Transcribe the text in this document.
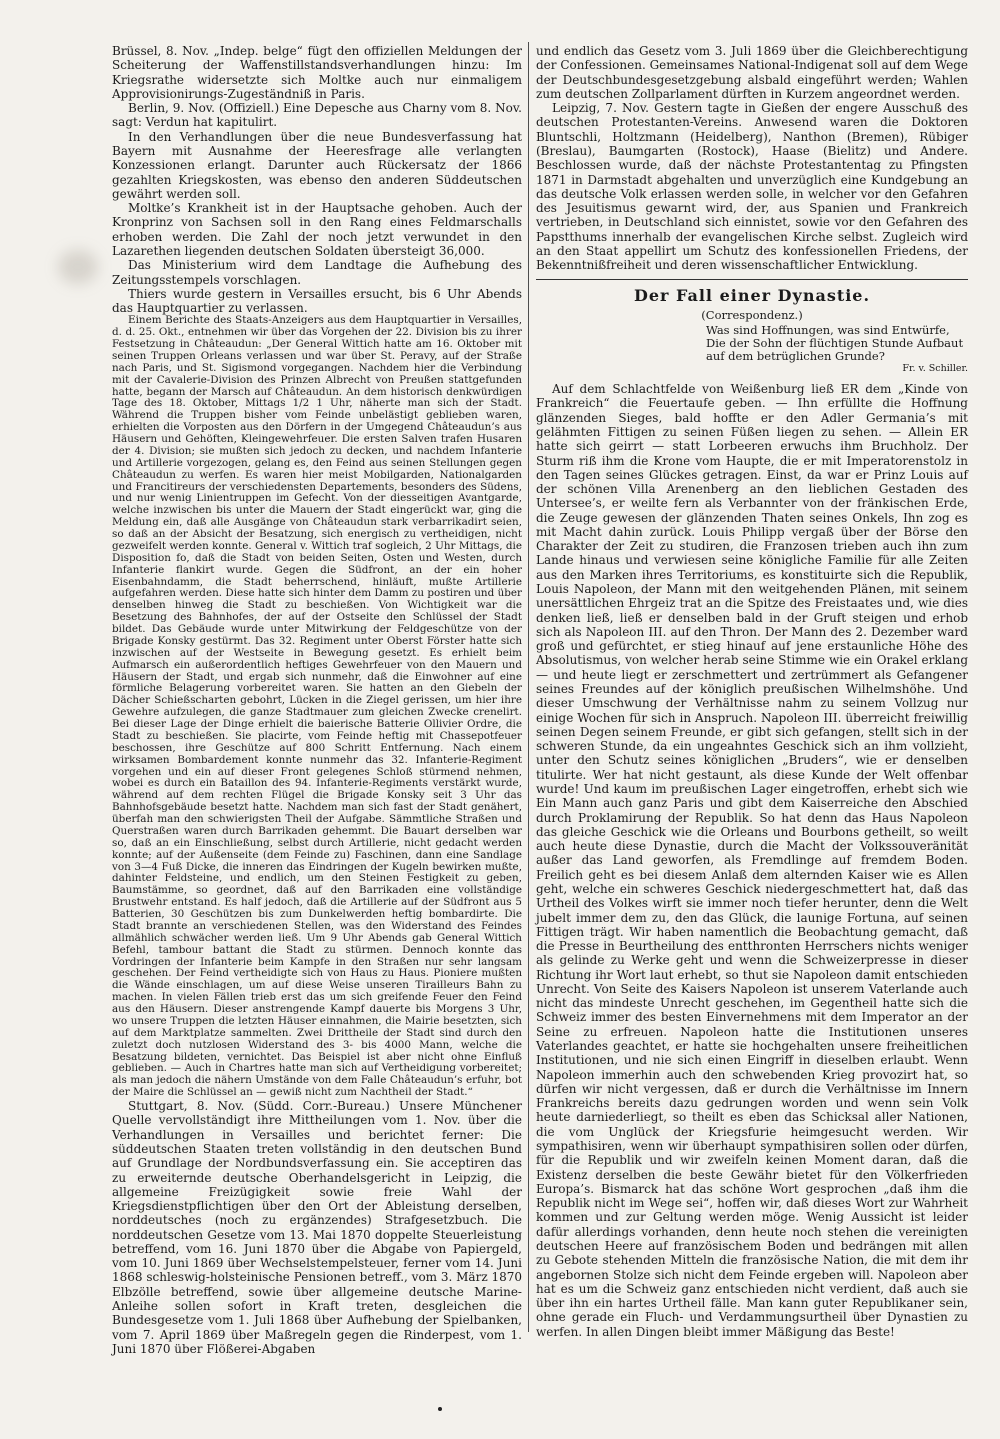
Brüssel, 8. Nov. „Indep. belge“ fügt den offiziellen Meldungen der Scheiterung der Waffenstillstandsverhandlungen hinzu: Im Kriegsrathe widersetzte sich Moltke auch nur einmaligem Approvisionirungs-Zugeständniß in Paris.

Berlin, 9. Nov. (Offiziell.) Eine Depesche aus Charny vom 8. Nov. sagt: Verdun hat kapitulirt.

In den Verhandlungen über die neue Bundesverfassung hat Bayern mit Ausnahme der Heeresfrage alle verlangten Konzessionen erlangt. Darunter auch Rückersatz der 1866 gezahlten Kriegskosten, was ebenso den anderen Süddeutschen gewährt werden soll.

Moltke’s Krankheit ist in der Hauptsache gehoben. Auch der Kronprinz von Sachsen soll in den Rang eines Feldmarschalls erhoben werden. Die Zahl der noch jetzt verwundet in den Lazarethen liegenden deutschen Soldaten übersteigt 36,000.

Das Ministerium wird dem Landtage die Aufhebung des Zeitungsstempels vorschlagen.

Thiers wurde gestern in Versailles ersucht, bis 6 Uhr Abends das Hauptquartier zu verlassen.

Einem Berichte des Staats-Anzeigers aus dem Hauptquartier in Versailles, d. d. 25. Okt., entnehmen wir über das Vorgehen der 22. Division bis zu ihrer Festsetzung in Châteaudun: „Der General Wittich hatte am 16. Oktober mit seinen Truppen Orleans verlassen und war über St. Peravy, auf der Straße nach Paris, und St. Sigismond vorgegangen. Nachdem hier die Verbindung mit der Cavalerie-Division des Prinzen Albrecht von Preußen stattgefunden hatte, begann der Marsch auf Châteaudun. An dem historisch denkwürdigen Tage des 18. Oktober, Mittags 1/2 1 Uhr, näherte man sich der Stadt. Während die Truppen bisher vom Feinde unbelästigt geblieben waren, erhielten die Vorposten aus den Dörfern in der Umgegend Châteaudun’s aus Häusern und Gehöften, Kleingewehrfeuer. Die ersten Salven trafen Husaren der 4. Division; sie mußten sich jedoch zu decken, und nachdem Infanterie und Artillerie vorgezogen, gelang es, den Feind aus seinen Stellungen gegen Châteaudun zu werfen. Es waren hier meist Mobilgarden, Nationalgarden und Francitireurs der verschiedensten Departements, besonders des Südens, und nur wenig Linientruppen im Gefecht. Von der diesseitigen Avantgarde, welche inzwischen bis unter die Mauern der Stadt eingerückt war, ging die Meldung ein, daß alle Ausgänge von Châteaudun stark verbarrikadirt seien, so daß an der Absicht der Besatzung, sich energisch zu vertheidigen, nicht gezweifelt werden konnte. General v. Wittich traf sogleich, 2 Uhr Mittags, die Disposition fo, daß die Stadt von beiden Seiten, Osten und Westen, durch Infanterie flankirt wurde. Gegen die Südfront, an der ein hoher Eisenbahndamm, die Stadt beherrschend, hinläuft, mußte Artillerie aufgefahren werden. Diese hatte sich hinter dem Damm zu postiren und über denselben hinweg die Stadt zu beschießen. Von Wichtigkeit war die Besetzung des Bahnhofes, der auf der Ostseite den Schlüssel der Stadt bildet. Das Gebäude wurde unter Mitwirkung der Feldgeschütze von der Brigade Konsky gestürmt. Das 32. Regiment unter Oberst Förster hatte sich inzwischen auf der Westseite in Bewegung gesetzt. Es erhielt beim Aufmarsch ein außerordentlich heftiges Gewehrfeuer von den Mauern und Häusern der Stadt, und ergab sich nunmehr, daß die Einwohner auf eine förmliche Belagerung vorbereitet waren. Sie hatten an den Giebeln der Dächer Schießscharten gebohrt, Lücken in die Ziegel gerissen, um hier ihre Gewehre aufzulegen, die ganze Stadtmauer zum gleichen Zwecke crenelirt. Bei dieser Lage der Dinge erhielt die baierische Batterie Ollivier Ordre, die Stadt zu beschießen. Sie placirte, vom Feinde heftig mit Chassepotfeuer beschossen, ihre Geschütze auf 800 Schritt Entfernung. Nach einem wirksamen Bombardement konnte nunmehr das 32. Infanterie-Regiment vorgehen und ein auf dieser Front gelegenes Schloß stürmend nehmen, wobei es durch ein Bataillon des 94. Infanterie-Regiments verstärkt wurde, während auf dem rechten Flügel die Brigade Konsky seit 3 Uhr das Bahnhofsgebäude besetzt hatte. Nachdem man sich fast der Stadt genähert, überfah man den schwierigsten Theil der Aufgabe. Sämmtliche Straßen und Querstraßen waren durch Barrikaden gehemmt. Die Bauart derselben war so, daß an ein Einschließung, selbst durch Artillerie, nicht gedacht werden konnte; auf der Außenseite (dem Feinde zu) Faschinen, dann eine Sandlage von 3—4 Fuß Dicke, die inneren das Eindringen der Kugeln bewirken mußte, dahinter Feldsteine, und endlich, um den Steinen Festigkeit zu geben, Baumstämme, so geordnet, daß auf den Barrikaden eine vollständige Brustwehr entstand. Es half jedoch, daß die Artillerie auf der Südfront aus 5 Batterien, 30 Geschützen bis zum Dunkelwerden heftig bombardirte. Die Stadt brannte an verschiedenen Stellen, was den Widerstand des Feindes allmählich schwächer werden ließ. Um 9 Uhr Abends gab General Wittich Befehl, tambour battant die Stadt zu stürmen. Dennoch konnte das Vordringen der Infanterie beim Kampfe in den Straßen nur sehr langsam geschehen. Der Feind vertheidigte sich von Haus zu Haus. Pioniere mußten die Wände einschlagen, um auf diese Weise unseren Tirailleurs Bahn zu machen. In vielen Fällen trieb erst das um sich greifende Feuer den Feind aus den Häusern. Dieser anstrengende Kampf dauerte bis Morgens 3 Uhr, wo unsere Truppen die letzten Häuser einnahmen, die Mairie besetzten, sich auf dem Marktplatze sammelten. Zwei Drittheile der Stadt sind durch den zuletzt doch nutzlosen Widerstand des 3- bis 4000 Mann, welche die Besatzung bildeten, vernichtet. Das Beispiel ist aber nicht ohne Einfluß geblieben. — Auch in Chartres hatte man sich auf Vertheidigung vorbereitet; als man jedoch die nähern Umstände von dem Falle Châteaudun’s erfuhr, bot der Maire die Schlüssel an — gewiß nicht zum Nachtheil der Stadt.“

Stuttgart, 8. Nov. (Südd. Corr.-Bureau.) Unsere Münchener Quelle vervollständigt ihre Mittheilungen vom 1. Nov. über die Verhandlungen in Versailles und berichtet ferner: Die süddeutschen Staaten treten vollständig in den deutschen Bund auf Grundlage der Nordbundsverfassung ein. Sie acceptiren das zu erweiternde deutsche Oberhandelsgericht in Leipzig, die allgemeine Freizügigkeit sowie freie Wahl der Kriegsdienstpflichtigen über den Ort der Ableistung derselben, norddeutsches (noch zu ergänzendes) Strafgesetzbuch. Die norddeutschen Gesetze vom 13. Mai 1870 doppelte Steuerleistung betreffend, vom 16. Juni 1870 über die Abgabe von Papiergeld, vom 10. Juni 1869 über Wechselstempelsteuer, ferner vom 14. Juni 1868 schleswig-holsteinische Pensionen betreff., vom 3. März 1870 Elbzölle betreffend, sowie über allgemeine deutsche Marine-Anleihe sollen sofort in Kraft treten, desgleichen die Bundesgesetze vom 1. Juli 1868 über Aufhebung der Spielbanken, vom 7. April 1869 über Maßregeln gegen die Rinderpest, vom 1. Juni 1870 über Flößerei-Abgaben

und endlich das Gesetz vom 3. Juli 1869 über die Gleichberechtigung der Confessionen. Gemeinsames National-Indigenat soll auf dem Wege der Deutschbundesgesetzgebung alsbald eingeführt werden; Wahlen zum deutschen Zollparlament dürften in Kurzem angeordnet werden.

Leipzig, 7. Nov. Gestern tagte in Gießen der engere Ausschuß des deutschen Protestanten-Vereins. Anwesend waren die Doktoren Bluntschli, Holtzmann (Heidelberg), Nanthon (Bremen), Rübiger (Breslau), Baumgarten (Rostock), Haase (Bielitz) und Andere. Beschlossen wurde, daß der nächste Protestantentag zu Pfingsten 1871 in Darmstadt abgehalten und unverzüglich eine Kundgebung an das deutsche Volk erlassen werden solle, in welcher vor den Gefahren des Jesuitismus gewarnt wird, der, aus Spanien und Frankreich vertrieben, in Deutschland sich einnistet, sowie vor den Gefahren des Papstthums innerhalb der evangelischen Kirche selbst. Zugleich wird an den Staat appellirt um Schutz des konfessionellen Friedens, der Bekenntnißfreiheit und deren wissenschaftlicher Entwicklung.

Der Fall einer Dynastie.
(Correspondenz.)
Was sind Hoffnungen, was sind Entwürfe, Die der Sohn der flüchtigen Stunde Aufbaut auf dem betrüglichen Grunde?
Fr. v. Schiller.

Auf dem Schlachtfelde von Weißenburg ließ ER dem „Kinde von Frankreich“ die Feuertaufe geben. — Ihn erfüllte die Hoffnung glänzenden Sieges, bald hoffte er den Adler Germania’s mit gelähmten Fittigen zu seinen Füßen liegen zu sehen. — Allein ER hatte sich geirrt — statt Lorbeeren erwuchs ihm Bruchholz. Der Sturm riß ihm die Krone vom Haupte, die er mit Imperatorenstolz in den Tagen seines Glückes getragen. Einst, da war er Prinz Louis auf der schönen Villa Arenenberg an den lieblichen Gestaden des Untersee’s, er weilte fern als Verbannter von der fränkischen Erde, die Zeuge gewesen der glänzenden Thaten seines Onkels, Ihn zog es mit Macht dahin zurück. Louis Philipp vergaß über der Börse den Charakter der Zeit zu studiren, die Franzosen trieben auch ihn zum Lande hinaus und verwiesen seine königliche Familie für alle Zeiten aus den Marken ihres Territoriums, es konstituirte sich die Republik, Louis Napoleon, der Mann mit den weitgehenden Plänen, mit seinem unersättlichen Ehrgeiz trat an die Spitze des Freistaates und, wie dies denken ließ, ließ er denselben bald in der Gruft steigen und erhob sich als Napoleon III. auf den Thron. Der Mann des 2. Dezember ward groß und gefürchtet, er stieg hinauf auf jene erstaunliche Höhe des Absolutismus, von welcher herab seine Stimme wie ein Orakel erklang — und heute liegt er zerschmettert und zertrümmert als Gefangener seines Freundes auf der königlich preußischen Wilhelmshöhe. Und dieser Umschwung der Verhältnisse nahm zu seinem Vollzug nur einige Wochen für sich in Anspruch. Napoleon III. überreicht freiwillig seinen Degen seinem Freunde, er gibt sich gefangen, stellt sich in der schweren Stunde, da ein ungeahntes Geschick sich an ihm vollzieht, unter den Schutz seines königlichen „Bruders“, wie er denselben titulirte. Wer hat nicht gestaunt, als diese Kunde der Welt offenbar wurde! Und kaum im preußischen Lager eingetroffen, erhebt sich wie Ein Mann auch ganz Paris und gibt dem Kaiserreiche den Abschied durch Proklamirung der Republik. So hat denn das Haus Napoleon das gleiche Geschick wie die Orleans und Bourbons getheilt, so weilt auch heute diese Dynastie, durch die Macht der Volkssouveränität außer das Land geworfen, als Fremdlinge auf fremdem Boden. Freilich geht es bei diesem Anlaß dem alternden Kaiser wie es Allen geht, welche ein schweres Geschick niedergeschmettert hat, daß das Urtheil des Volkes wirft sie immer noch tiefer herunter, denn die Welt jubelt immer dem zu, den das Glück, die launige Fortuna, auf seinen Fittigen trägt. Wir haben namentlich die Beobachtung gemacht, daß die Presse in Beurtheilung des entthronten Herrschers nichts weniger als gelinde zu Werke geht und wenn die Schweizerpresse in dieser Richtung ihr Wort laut erhebt, so thut sie Napoleon damit entschieden Unrecht. Von Seite des Kaisers Napoleon ist unserem Vaterlande auch nicht das mindeste Unrecht geschehen, im Gegentheil hatte sich die Schweiz immer des besten Einvernehmens mit dem Imperator an der Seine zu erfreuen. Napoleon hatte die Institutionen unseres Vaterlandes geachtet, er hatte sie hochgehalten unsere freiheitlichen Institutionen, und nie sich einen Eingriff in dieselben erlaubt. Wenn Napoleon immerhin auch den schwebenden Krieg provozirt hat, so dürfen wir nicht vergessen, daß er durch die Verhältnisse im Innern Frankreichs bereits dazu gedrungen worden und wenn sein Volk heute darniederliegt, so theilt es eben das Schicksal aller Nationen, die vom Unglück der Kriegsfurie heimgesucht werden. Wir sympathisiren, wenn wir überhaupt sympathisiren sollen oder dürfen, für die Republik und wir zweifeln keinen Moment daran, daß die Existenz derselben die beste Gewähr bietet für den Völkerfrieden Europa’s. Bismarck hat das schöne Wort gesprochen „daß ihm die Republik nicht im Wege sei“, hoffen wir, daß dieses Wort zur Wahrheit kommen und zur Geltung werden möge. Wenig Aussicht ist leider dafür allerdings vorhanden, denn heute noch stehen die vereinigten deutschen Heere auf französischem Boden und bedrängen mit allen zu Gebote stehenden Mitteln die französische Nation, die mit dem ihr angebornen Stolze sich nicht dem Feinde ergeben will. Napoleon aber hat es um die Schweiz ganz entschieden nicht verdient, daß auch sie über ihn ein hartes Urtheil fälle. Man kann guter Republikaner sein, ohne gerade ein Fluch- und Verdammungsurtheil über Dynastien zu werfen. In allen Dingen bleibt immer Mäßigung das Beste!
